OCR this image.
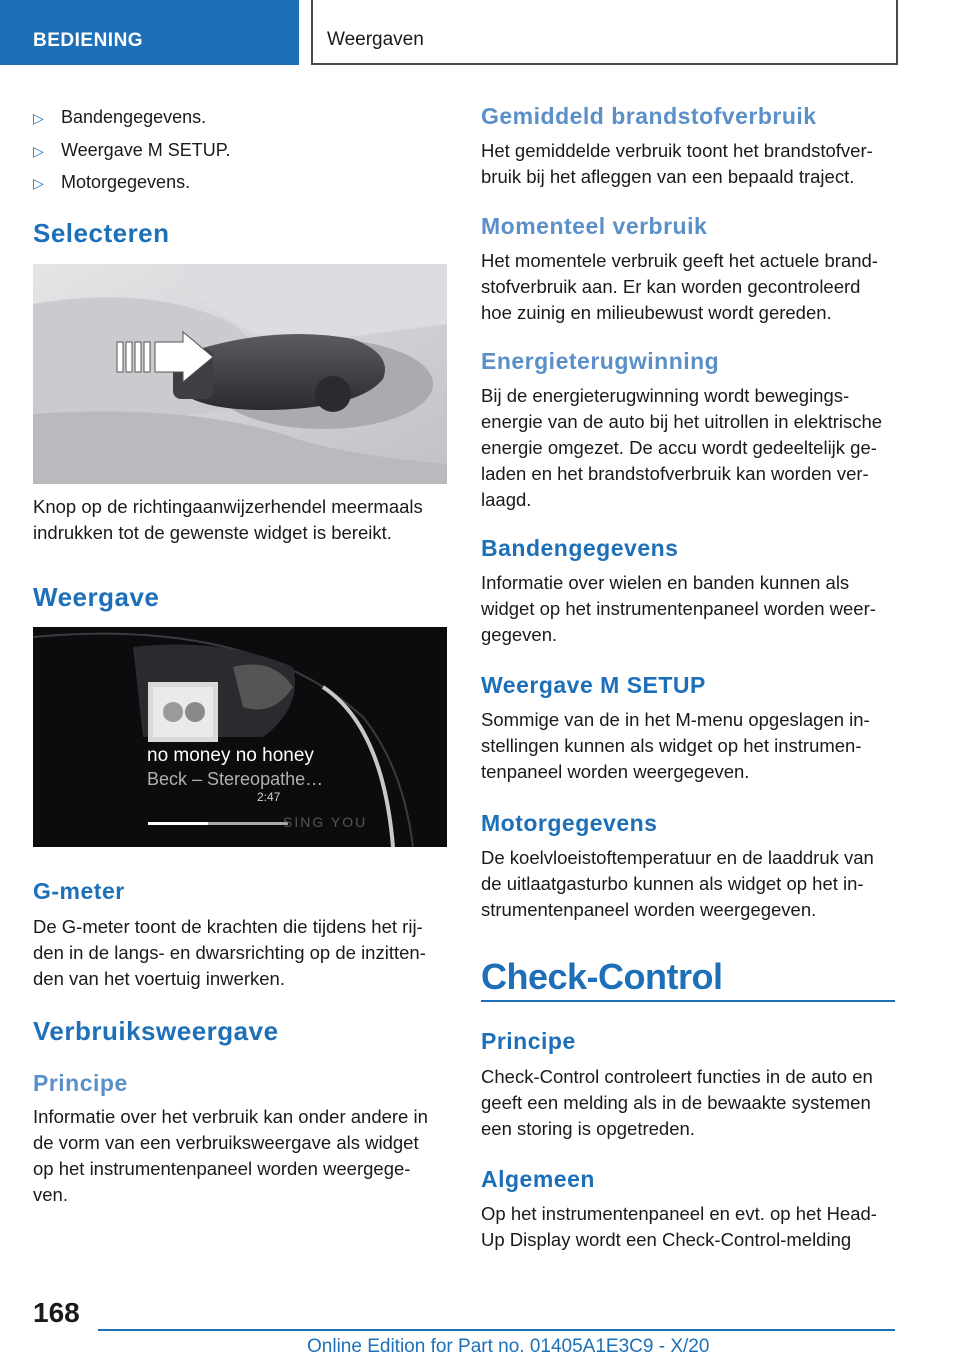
BEDIENING	Weergaven
▷ Bandengegevens.
▷ Weergave M SETUP.
▷ Motorgegevens.
Selecteren
Knop op de richtingaanwijzerhendel meermaals
indrukken tot de gewenste widget is bereikt.
Weergave
SING YOU
no money no honey
Beck – Stereopathe…
2:47
G-meter
De G-meter toont de krachten die tijdens het rij-
den in de langs- en dwarsrichting op de inzitten-
den van het voertuig inwerken.
Verbruiksweergave
Principe
Informatie over het verbruik kan onder andere in
de vorm van een verbruiksweergave als widget
op het instrumentenpaneel worden weergege-
ven.
Gemiddeld brandstofverbruik
Het gemiddelde verbruik toont het brandstofver-
bruik bij het afleggen van een bepaald traject.
Momenteel verbruik
Het momentele verbruik geeft het actuele brand-
stofverbruik aan. Er kan worden gecontroleerd
hoe zuinig en milieubewust wordt gereden.
Energieterugwinning
Bij de energieterugwinning wordt bewegings-
energie van de auto bij het uitrollen in elektrische
energie omgezet. De accu wordt gedeeltelijk ge-
laden en het brandstofverbruik kan worden ver-
laagd.
Bandengegevens
Informatie over wielen en banden kunnen als
widget op het instrumentenpaneel worden weer-
gegeven.
Weergave M SETUP
Sommige van de in het M-menu opgeslagen in-
stellingen kunnen als widget op het instrumen-
tenpaneel worden weergegeven.
Motorgegevens
De koelvloeistoftemperatuur en de laaddruk van
de uitlaatgasturbo kunnen als widget op het in-
strumentenpaneel worden weergegeven.
Check-Control
Principe
Check-Control controleert functies in de auto en
geeft een melding als in de bewaakte systemen
een storing is opgetreden.
Algemeen
Op het instrumentenpaneel en evt. op het Head-
Up Display wordt een Check-Control-melding
168
Online Edition for Part no. 01405A1E3C9 - X/20
